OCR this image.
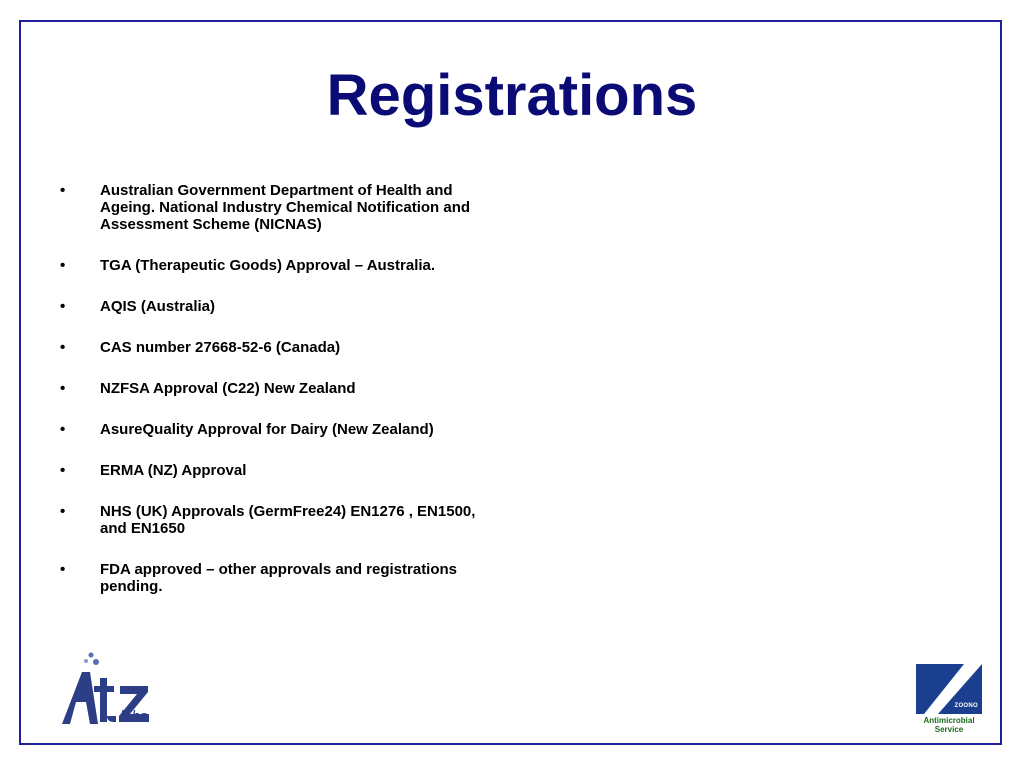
Registrations
• Australian Government Department of Health and Ageing. National Industry Chemical Notification and Assessment Scheme (NICNAS)
• TGA (Therapeutic Goods) Approval – Australia.
• AQIS (Australia)
• CAS number 27668-52-6 (Canada)
• NZFSA Approval (C22) New Zealand
• AsureQuality Approval for Dairy (New Zealand)
• ERMA (NZ) Approval
• NHS (UK) Approvals (GermFree24) EN1276 , EN1500, and EN1650
• FDA approved – other approvals and registrations pending.
labs
ZOONO
Antimicrobial
Service
